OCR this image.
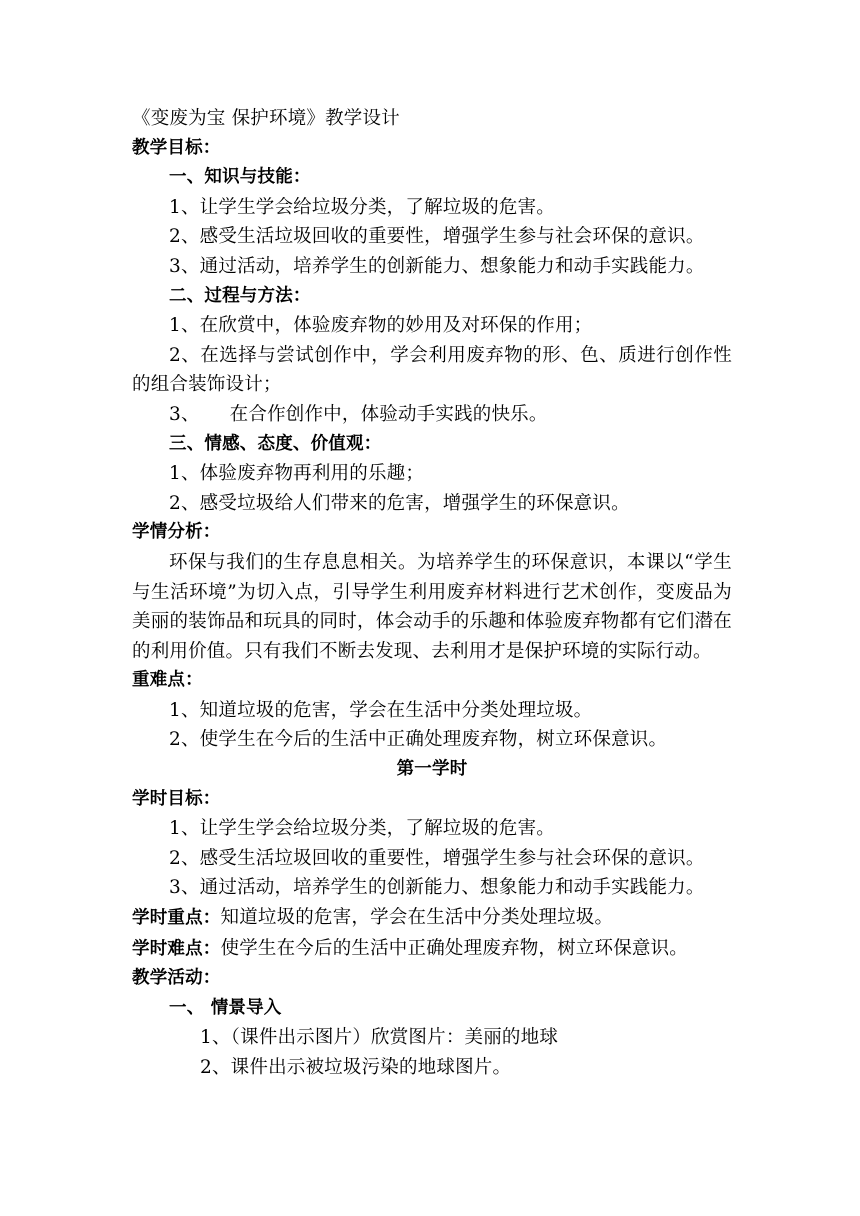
《变废为宝 保护环境》教学设计

教学目标：

一、知识与技能：

1、让学生学会给垃圾分类，了解垃圾的危害。

2、感受生活垃圾回收的重要性，增强学生参与社会环保的意识。

3、通过活动，培养学生的创新能力、想象能力和动手实践能力。

二、过程与方法：

1、在欣赏中，体验废弃物的妙用及对环保的作用；

2、在选择与尝试创作中，学会利用废弃物的形、色、质进行创作性的组合装饰设计；

3、 在合作创作中，体验动手实践的快乐。

三、情感、态度、价值观：

1、体验废弃物再利用的乐趣；

2、感受垃圾给人们带来的危害，增强学生的环保意识。

学情分析：

环保与我们的生存息息相关。为培养学生的环保意识，本课以“学生与生活环境”为切入点，引导学生利用废弃材料进行艺术创作，变废品为美丽的装饰品和玩具的同时，体会动手的乐趣和体验废弃物都有它们潜在的利用价值。只有我们不断去发现、去利用才是保护环境的实际行动。

重难点：

1、知道垃圾的危害，学会在生活中分类处理垃圾。

2、使学生在今后的生活中正确处理废弃物，树立环保意识。

第一学时

学时目标：

1、让学生学会给垃圾分类，了解垃圾的危害。

2、感受生活垃圾回收的重要性，增强学生参与社会环保的意识。

3、通过活动，培养学生的创新能力、想象能力和动手实践能力。

学时重点：知道垃圾的危害，学会在生活中分类处理垃圾。

学时难点：使学生在今后的生活中正确处理废弃物，树立环保意识。

教学活动：

一、 情景导入

1、（课件出示图片）欣赏图片：美丽的地球

2、课件出示被垃圾污染的地球图片。
